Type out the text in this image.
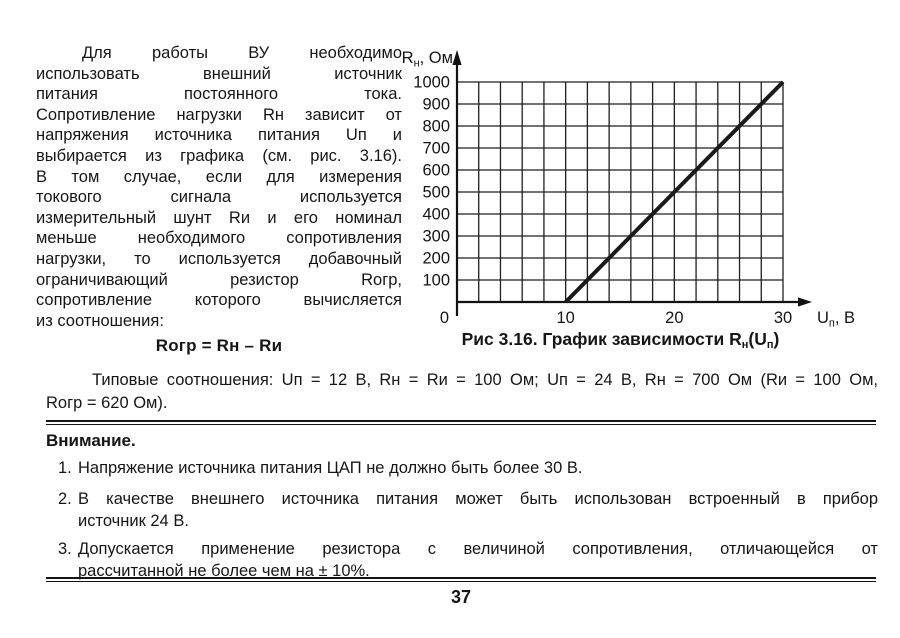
Для работы ВУ необходимо
использовать внешний источник
питания постоянного тока.
Сопротивление нагрузки Rн зависит от
напряжения источника питания Uп и
выбирается из графика (см. рис. 3.16).
В том случае, если для измерения
токового сигнала используется
измерительный шунт Rи и его номинал
меньше необходимого сопротивления
нагрузки, то используется добавочный
ограничивающий резистор Rогр,
сопротивление которого вычисляется
из соотношения:
Rогр = Rн – Rи
100
200
300
400
500
600
700
800
900
1000
0	10	20	30
$R_н$, Ом
$U_п$, В
Рис 3.16. График зависимости $R_н(U_п)$
Типовые соотношения: Uп = 12 В, Rн = Rи = 100 Ом; Uп = 24 В, Rн = 700 Ом (Rи = 100 Ом,
Rогр = 620 Ом).
Внимание.
1. Напряжение источника питания ЦАП не должно быть более 30 В.
2. В качестве внешнего источника питания может быть использован встроенный в прибор
источник 24 В.
3. Допускается применение резистора с величиной сопротивления, отличающейся от
рассчитанной не более чем на ± 10%.
37
